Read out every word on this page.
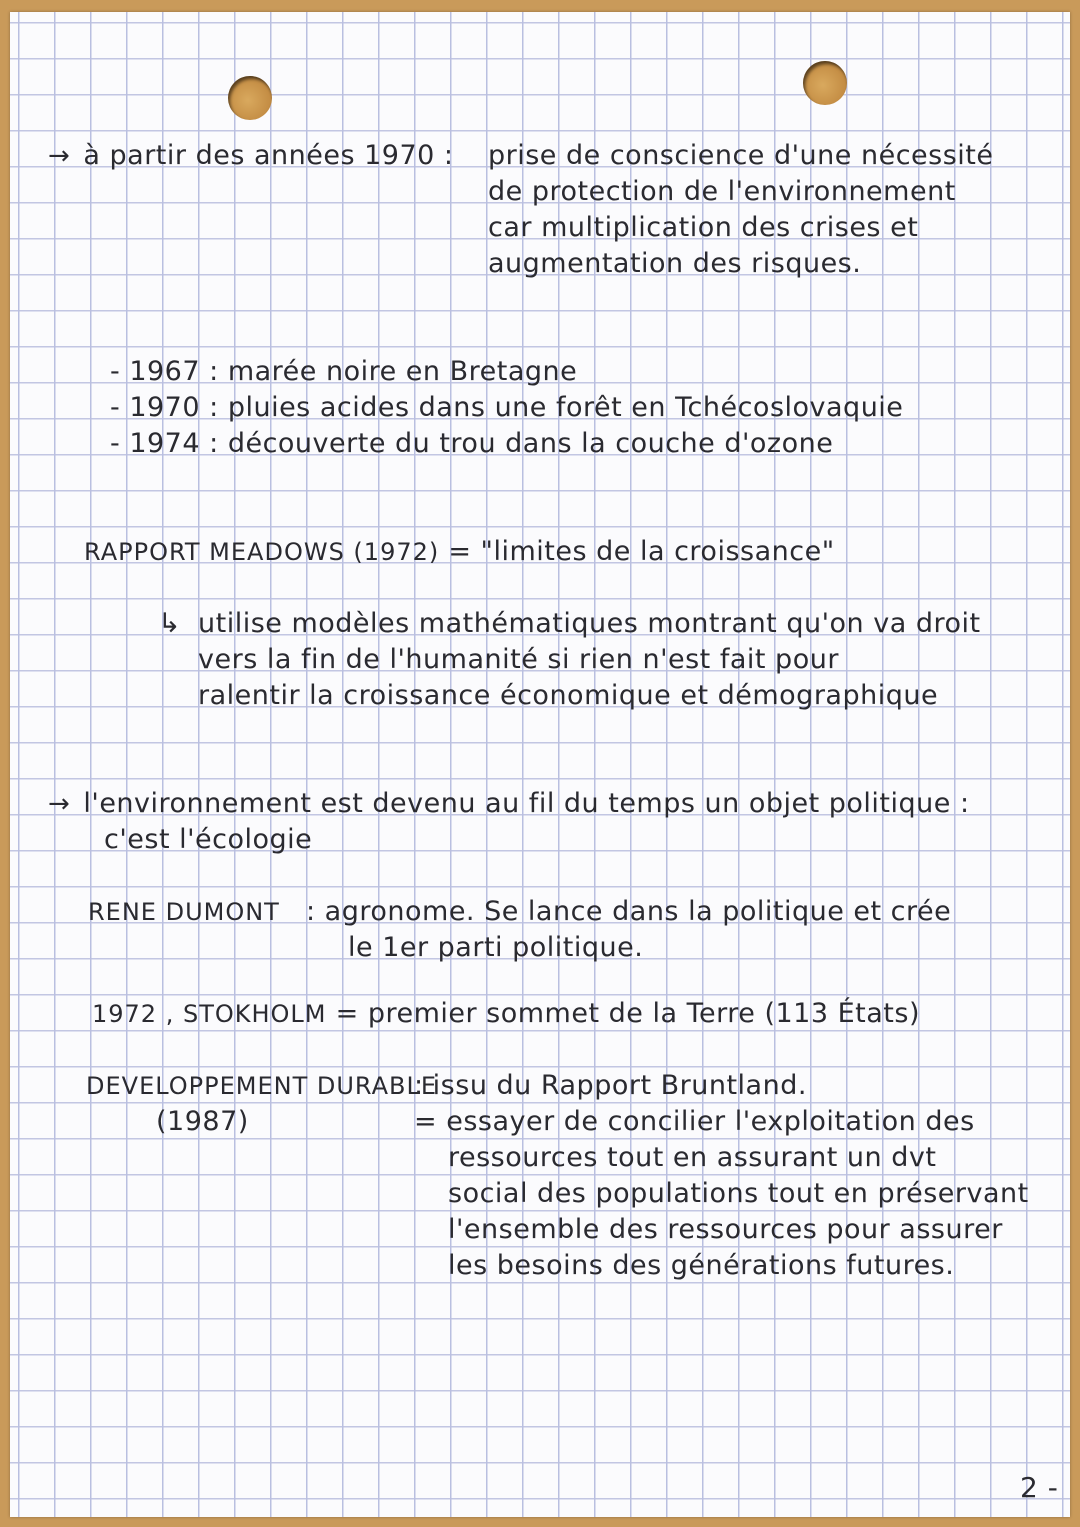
→ à partir des années 1970 : prise de conscience d'une nécessité
de protection de l'environnement
car multiplication des crises et
augmentation des risques.
- 1967 : marée noire en Bretagne
- 1970 : pluies acides dans une forêt en Tchécoslovaquie
- 1974 : découverte du trou dans la couche d'ozone
RAPPORT MEADOWS (1972) = "limites de la croissance"
↳ utilise modèles mathématiques montrant qu'on va droit
vers la fin de l'humanité si rien n'est fait pour
ralentir la croissance économique et démographique
→ l'environnement est devenu au fil du temps un objet politique :
c'est l'écologie
RENE DUMONT : agronome. Se lance dans la politique et crée
le 1er parti politique.
1972 , STOKHOLM = premier sommet de la Terre (113 États)
DEVELOPPEMENT DURABLE
(1987)
: issu du Rapport Bruntland.
= essayer de concilier l'exploitation des
ressources tout en assurant un dvt
social des populations tout en préservant
l'ensemble des ressources pour assurer
les besoins des générations futures.
2 -
